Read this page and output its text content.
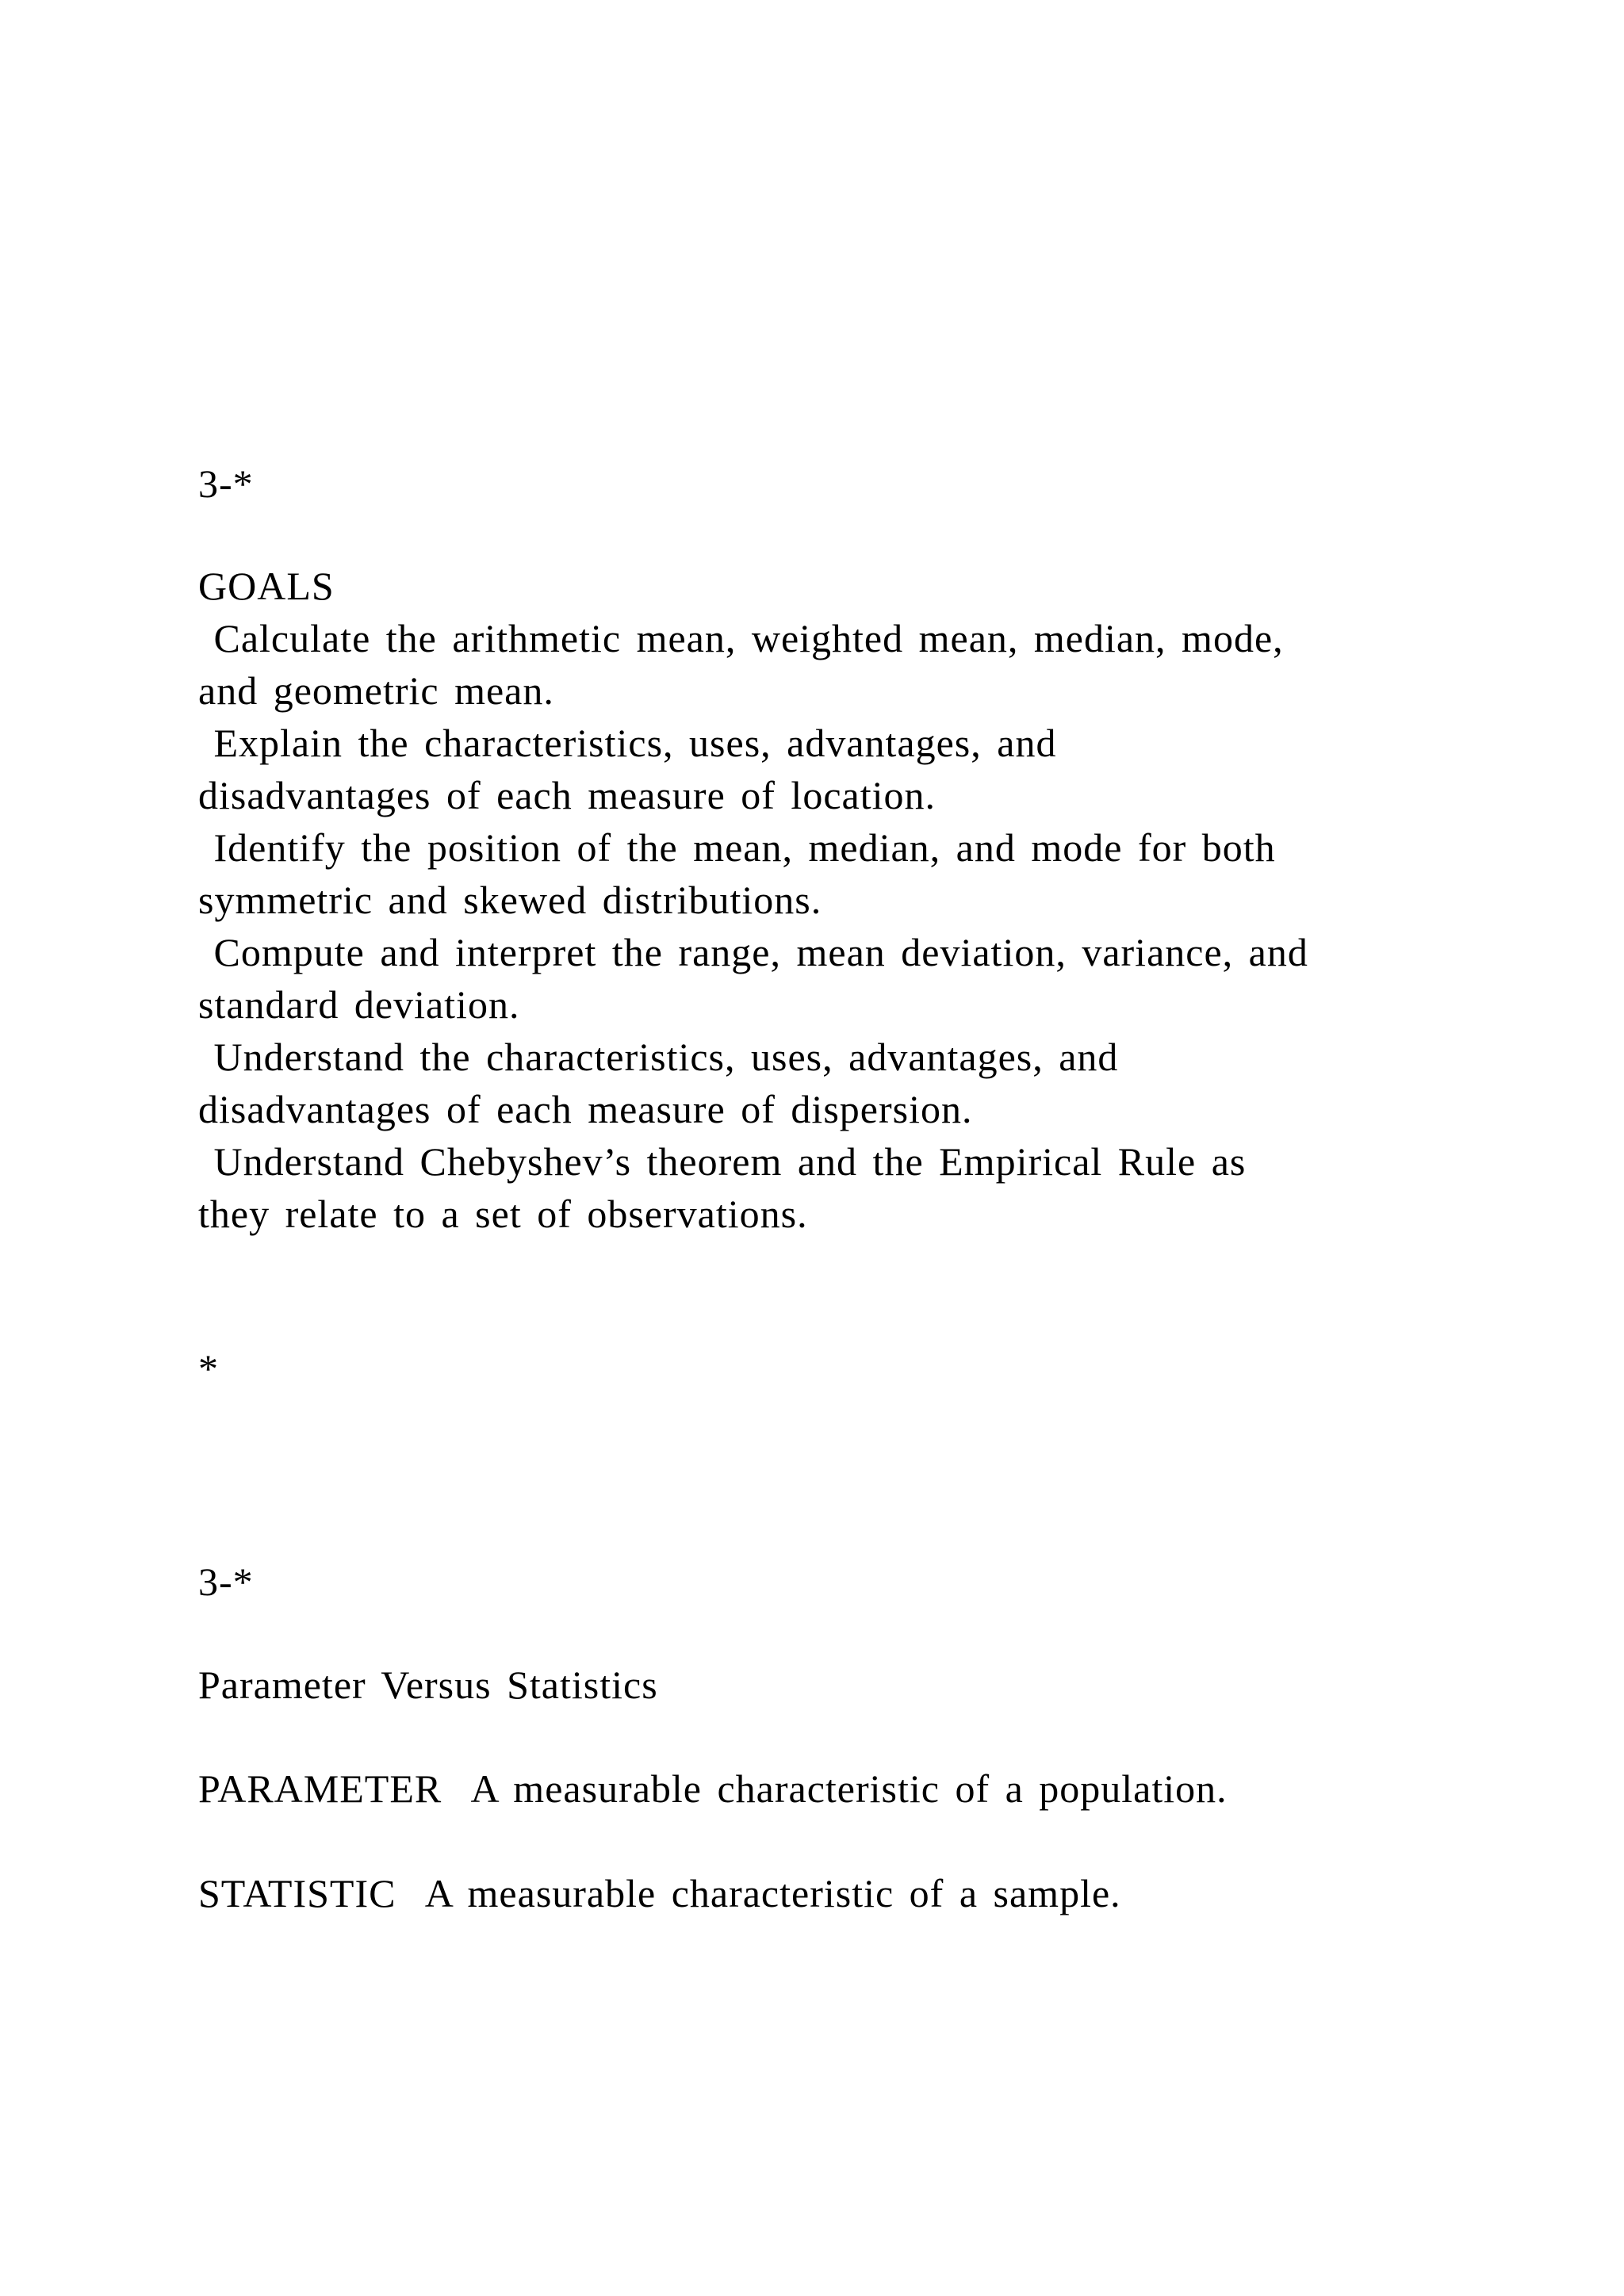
3-*
GOALS
Calculate the arithmetic mean, weighted mean, median, mode,
and geometric mean.
Explain the characteristics, uses, advantages, and
disadvantages of each measure of location.
Identify the position of the mean, median, and mode for both
symmetric and skewed distributions.
Compute and interpret the range, mean deviation, variance, and
standard deviation.
Understand the characteristics, uses, advantages, and
disadvantages of each measure of dispersion.
Understand Chebyshev’s theorem and the Empirical Rule as
they relate to a set of observations.
*
3-*
Parameter Versus Statistics
PARAMETER  A measurable characteristic of a population.
STATISTIC  A measurable characteristic of a sample.
